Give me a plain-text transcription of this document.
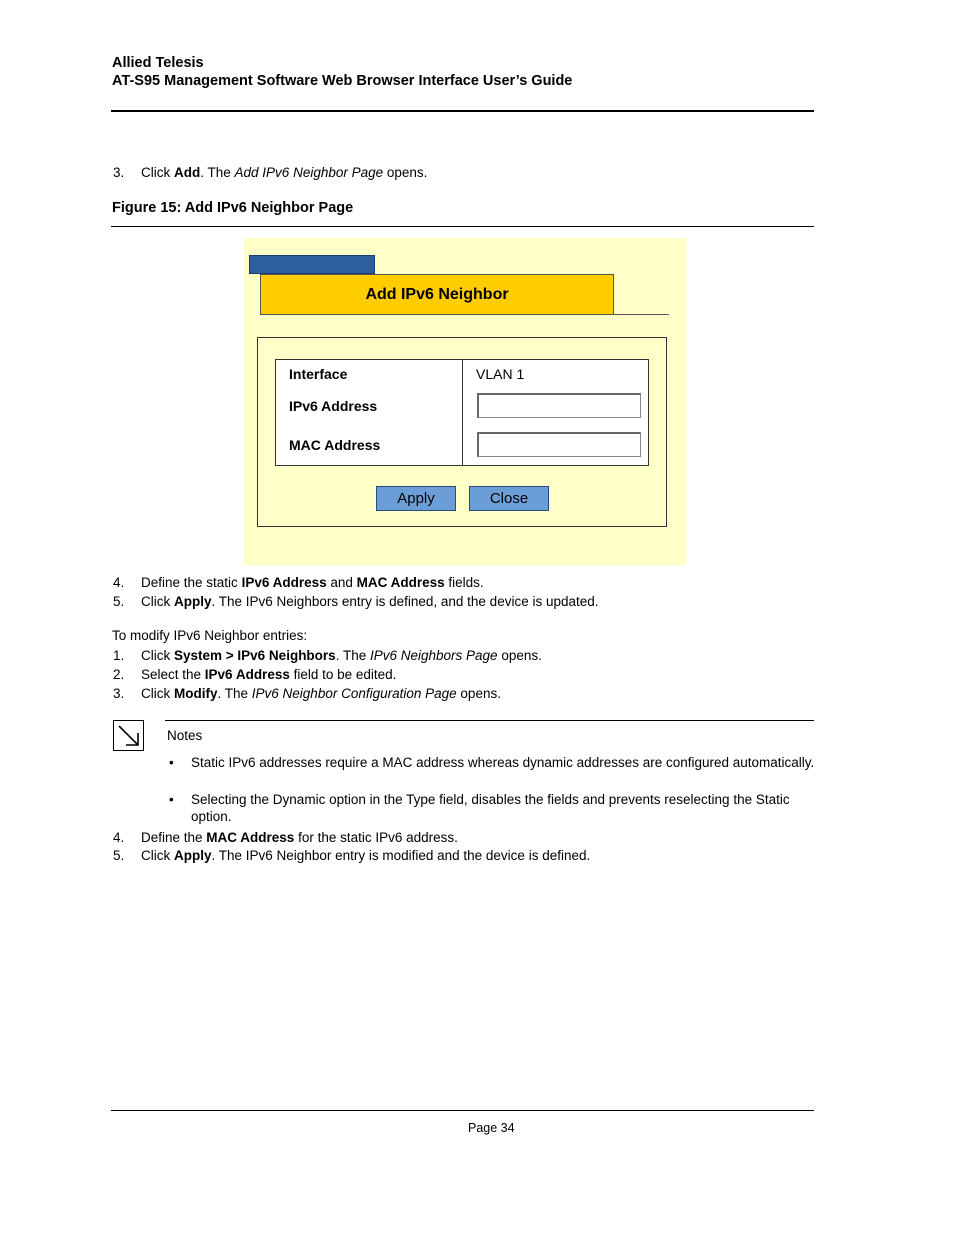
Allied Telesis
AT-S95 Management Software Web Browser Interface User’s Guide
3. Click Add. The Add IPv6 Neighbor Page opens.
Figure 15: Add IPv6 Neighbor Page
Add IPv6 Neighbor
Interface	VLAN 1
IPv6 Address
MAC Address
Apply	Close
4. Define the static IPv6 Address and MAC Address fields.
5. Click Apply. The IPv6 Neighbors entry is defined, and the device is updated.
To modify IPv6 Neighbor entries:
1. Click System > IPv6 Neighbors. The IPv6 Neighbors Page opens.
2. Select the IPv6 Address field to be edited.
3. Click Modify. The IPv6 Neighbor Configuration Page opens.
Notes
• Static IPv6 addresses require a MAC address whereas dynamic addresses are configured automatically.
• Selecting the Dynamic option in the Type field, disables the fields and prevents reselecting the Static option.
4. Define the MAC Address for the static IPv6 address.
5. Click Apply. The IPv6 Neighbor entry is modified and the device is defined.
Page 34
